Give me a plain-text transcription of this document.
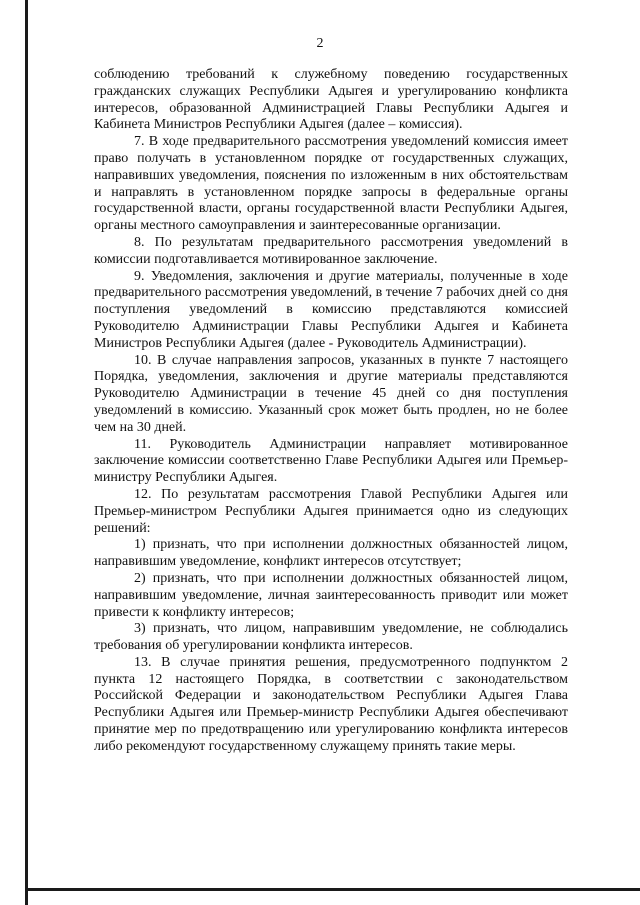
2

соблюдению требований к служебному поведению государственных гражданских служащих Республики Адыгея и урегулированию конфликта интересов, образованной Администрацией Главы Республики Адыгея и Кабинета Министров Республики Адыгея (далее – комиссия).

7. В ходе предварительного рассмотрения уведомлений комиссия имеет право получать в установленном порядке от государственных служащих, направивших уведомления, пояснения по изложенным в них обстоятельствам и направлять в установленном порядке запросы в федеральные органы государственной власти, органы государственной власти Республики Адыгея, органы местного самоуправления и заинтересованные организации.

8. По результатам предварительного рассмотрения уведомлений в комиссии подготавливается мотивированное заключение.

9. Уведомления, заключения и другие материалы, полученные в ходе предварительного рассмотрения уведомлений, в течение 7 рабочих дней со дня поступления уведомлений в комиссию представляются комиссией Руководителю Администрации Главы Республики Адыгея и Кабинета Министров Республики Адыгея (далее - Руководитель Администрации).

10. В случае направления запросов, указанных в пункте 7 настоящего Порядка, уведомления, заключения и другие материалы представляются Руководителю Администрации в течение 45 дней со дня поступления уведомлений в комиссию. Указанный срок может быть продлен, но не более чем на 30 дней.

11. Руководитель Администрации направляет мотивированное заключение комиссии соответственно Главе Республики Адыгея или Премьер-министру Республики Адыгея.

12. По результатам рассмотрения Главой Республики Адыгея или Премьер-министром Республики Адыгея принимается одно из следующих решений:

1) признать, что при исполнении должностных обязанностей лицом, направившим уведомление, конфликт интересов отсутствует;

2) признать, что при исполнении должностных обязанностей лицом, направившим уведомление, личная заинтересованность приводит или может привести к конфликту интересов;

3) признать, что лицом, направившим уведомление, не соблюдались требования об урегулировании конфликта интересов.

13. В случае принятия решения, предусмотренного подпунктом 2 пункта 12 настоящего Порядка, в соответствии с законодательством Российской Федерации и законодательством Республики Адыгея Глава Республики Адыгея или Премьер-министр Республики Адыгея обеспечивают принятие мер по предотвращению или урегулированию конфликта интересов либо рекомендуют государственному служащему принять такие меры.
